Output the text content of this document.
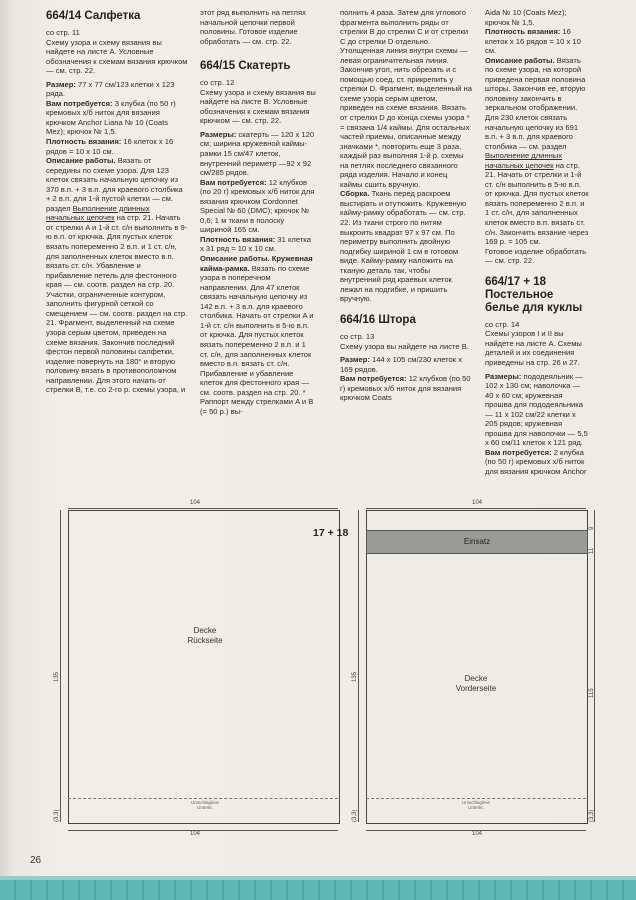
664/14 Салфетка

со стр. 11

Схему узора и схему вязания вы найдете на листе A. Условные обозначения к схемам вязания крючком — см. стр. 22.

Размер: 77 х 77 см/123 клетки х 123 ряда.

Вам потребуется: 3 клубка (по 50 г) кремовых х/б ниток для вязания крючком Anchor Liana № 10 (Coats Mez); крючок № 1,5.

Плотность вязания: 16 клеток х 16 рядов = 10 х 10 см.

Описание работы. Вязать от середины по схеме узора. Для 123 клеток связать начальную цепочку из 370 в.п. + 3 в.п. для краевого столбика + 2 в.п. для 1-й пустой клетки — см. раздел Выполнение длинных начальных цепочек на стр. 21. Начать от стрелки A и 1-й ст. с/н выполнить в 9-ю в.п. от крючка. Для пустых клеток вязать попеременно 2 в.п. и 1 ст. с/н, для заполненных клеток вместо в.п. вязать ст. с/н. Убавление и прибавление петель для фестонного края — см. соотв. раздел на стр. 20. Участки, ограниченные контуром, заполнить фигурной сеткой со смещением — см. соотв. раздел на стр. 21. Фрагмент, выделенный на схеме узора серым цветом, приведен на схеме вязания. Закончив последний фестон первой половины салфетки, изделие повернуть на 180° и вторую половину вязать в противоположном направлении. Для этого начать от стрелки B, т.е. со 2-го р. схемы узора, и

этот ряд выполнить на петлях начальной цепочки первой половины. Готовое изделие обработать — см. стр. 22.

664/15 Скатерть

со стр. 12

Схему узора и схему вязания вы найдете на листе B. Условные обозначения к схемам вязания крючком — см. стр. 22.

Размеры: скатерть — 120 х 120 см; ширина кружевной каймы-рамки 15 см/47 клеток, внутренний периметр —92 х 92 см/285 рядов.

Вам потребуется: 12 клубков (по 20 г) кремовых х/б ниток для вязания крючком Cordonnet Special № 60 (DMC); крючок № 0,6; 1 м ткани в полоску шириной 165 см.

Плотность вязания: 31 клетка х 31 ряд = 10 х 10 см.

Описание работы. Кружевная кайма-рамка. Вязать по схеме узора в поперечном направлении. Для 47 клеток связать начальную цепочку из 142 в.п. + 3 в.п. для краевого столбика. Начать от стрелки A и 1-й ст. с/н выполнить в 5-ю в.п. от крючка. Для пустых клеток вязать попеременно 2 в.п. и 1 ст. с/н, для заполненных клеток вместо в.п. вязать ст. с/н. Прибавление и убавление клеток для фестонного края — см. соотв. раздел на стр. 20. * Раппорт между стрелками A и B (= 50 р.) вы-

полнить 4 раза. Затем для углового фрагмента выполнить ряды от стрелки B до стрелки C и от стрелки C до стрелки D отдельно. Утолщенная линия внутри схемы — левая ограничительная линия. Закончив угол, нить обрезать и с помощью соед. ст. прикрепить у стрелки D. Фрагмент, выделенный на схеме узора серым цветом, приведен на схеме вязания. Вязать от стрелки D до конца схемы узора * = связана 1/4 каймы. Для остальных частей приемы, описанные между значками *, повторить еще 3 раза, каждый раз выполняя 1-й р. схемы на петлях последнего связанного ряда изделия. Начало и конец каймы сшить вручную.

Сборка. Ткань перед раскроем выстирать и отутюжить. Кружевную кайму-рамку обработать — см. стр. 22. Из ткани строго по нитям выкроить квадрат 97 х 97 см. По периметру выполнить двойную подгибку шириной 1 см в готовом виде. Кайму-рамку наложить на тканую деталь так, чтобы внутренний ряд краевых клеток лежал на подгибке, и пришить вручную.

664/16 Штора

со стр. 13

Схему узора вы найдете на листе B.

Размер: 144 х 105 см/230 клеток х 169 рядов.

Вам потребуется: 12 клубков (по 50 г) кремовых х/б ниток для вязания крючком Coats

Aida № 10 (Coats Mez); крючок № 1,5.

Плотность вязания: 16 клеток х 16 рядов = 10 х 10 см.

Описание работы. Вязать по схеме узора, на которой приведена первая половина шторы. Закончив ее, вторую половину закончить в зеркальном отображении. Для 230 клеток связать начальную цепочку из 691 в.п. + 3 в.п. для краевого столбика — см. раздел Выполнение длинных начальных цепочек на стр. 21. Начать от стрелки и 1-й ст. с/н выполнить в 5-ю в.п. от крючка. Для пустых клеток вязать попеременно 2 в.п. и 1 ст. с/н, для заполненных клеток вместо в.п. вязать ст. с/н. Закончить вязание через 169 р. = 105 см.

Готовое изделие обработать — см. стр. 22.

664/17 + 18 Постельное белье для куклы

со стр. 14

Схемы узоров I и II вы найдете на листе A. Схемы деталей и их соединения приведены на стр. 26 и 27.

Размеры: пододеяльник — 102 х 130 см; наволочка — 40 х 60 см; кружевная прошва для пододеяльника — 11 х 102 см/22 клетки х 205 рядов; кружевная прошва для наволочки — 5,5 х 60 см/11 клеток х 121 ряд.

Вам потребуется: 2 клубка (по 50 г) кремовых х/б ниток для вязания крючком Anchor

104
Decke
Rückseite
135
(3,3)
Umschlaglinie
Unterkt.
104
17 + 18
104
Einsatz
Decke
Vorderseite
135
(3,3)
11
9
115
(3,3)
Umschlaglinie
Unterkt.
104
26
